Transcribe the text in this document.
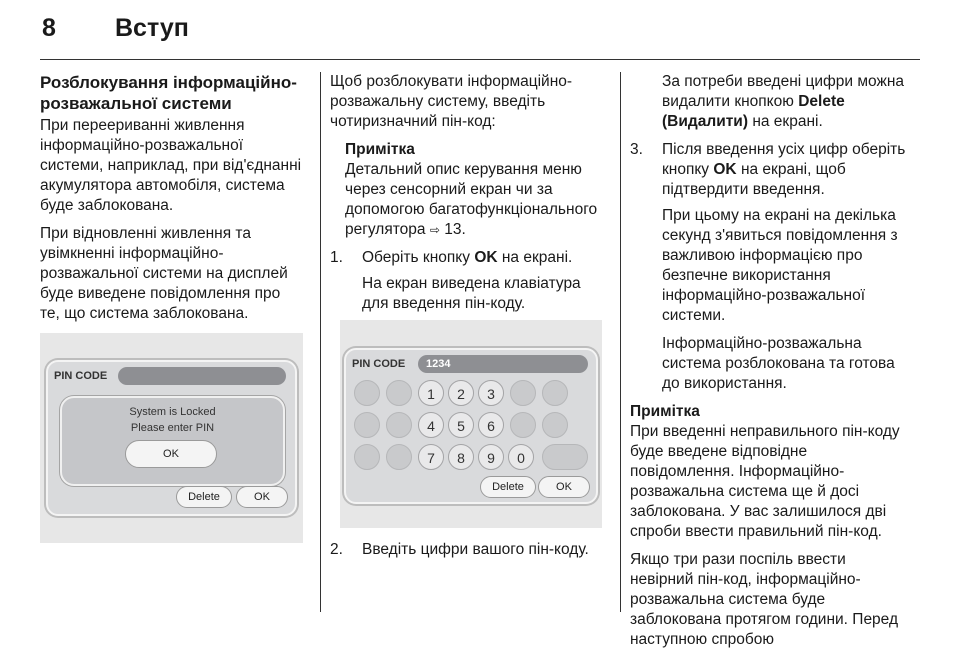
8 Вступ
Розблокування інформаційно-розважальної системи

При переериванні живлення інформаційно-розважальної системи, наприклад, при від'єднанні акумулятора автомобіля, система буде заблокована.

При відновленні живлення та увімкненні інформаційно-розважальної системи на дисплей буде виведене повідомлення про те, що система заблокована.

PIN CODE
System is Locked
Please enter PIN
OK
Delete	OK

Щоб розблокувати інформаційно-розважальну систему, введіть чотиризначний пін-код:

Примітка

Детальний опис керування меню через сенсорний екран чи за допомогою багатофункціонального регулятора ⇨ 13.

1. Оберіть кнопку OK на екрані.

На екран виведена клавіатура для введення пін-коду.

PIN CODE	1234
1	2	3
4	5	6
7	8	9	0
Delete	OK
2. Введіть цифри вашого пін-коду.

За потреби введені цифри можна видалити кнопкою Delete (Видалити) на екрані.

3. Після введення усіх цифр оберіть кнопку OK на екрані, щоб підтвердити введення.

При цьому на екрані на декілька секунд з'явиться повідомлення з важливою інформацією про безпечне використання інформаційно-розважальної системи.

Інформаційно-розважальна система розблокована та готова до використання.

Примітка

При введенні неправильного пін-коду буде введене відповідне повідомлення. Інформаційно-розважальна система ще й досі заблокована. У вас залишилося дві спроби ввести правильний пін-код.

Якщо три рази поспіль ввести невірний пін-код, інформаційно-розважальна система буде заблокована протягом години. Перед наступною спробою
